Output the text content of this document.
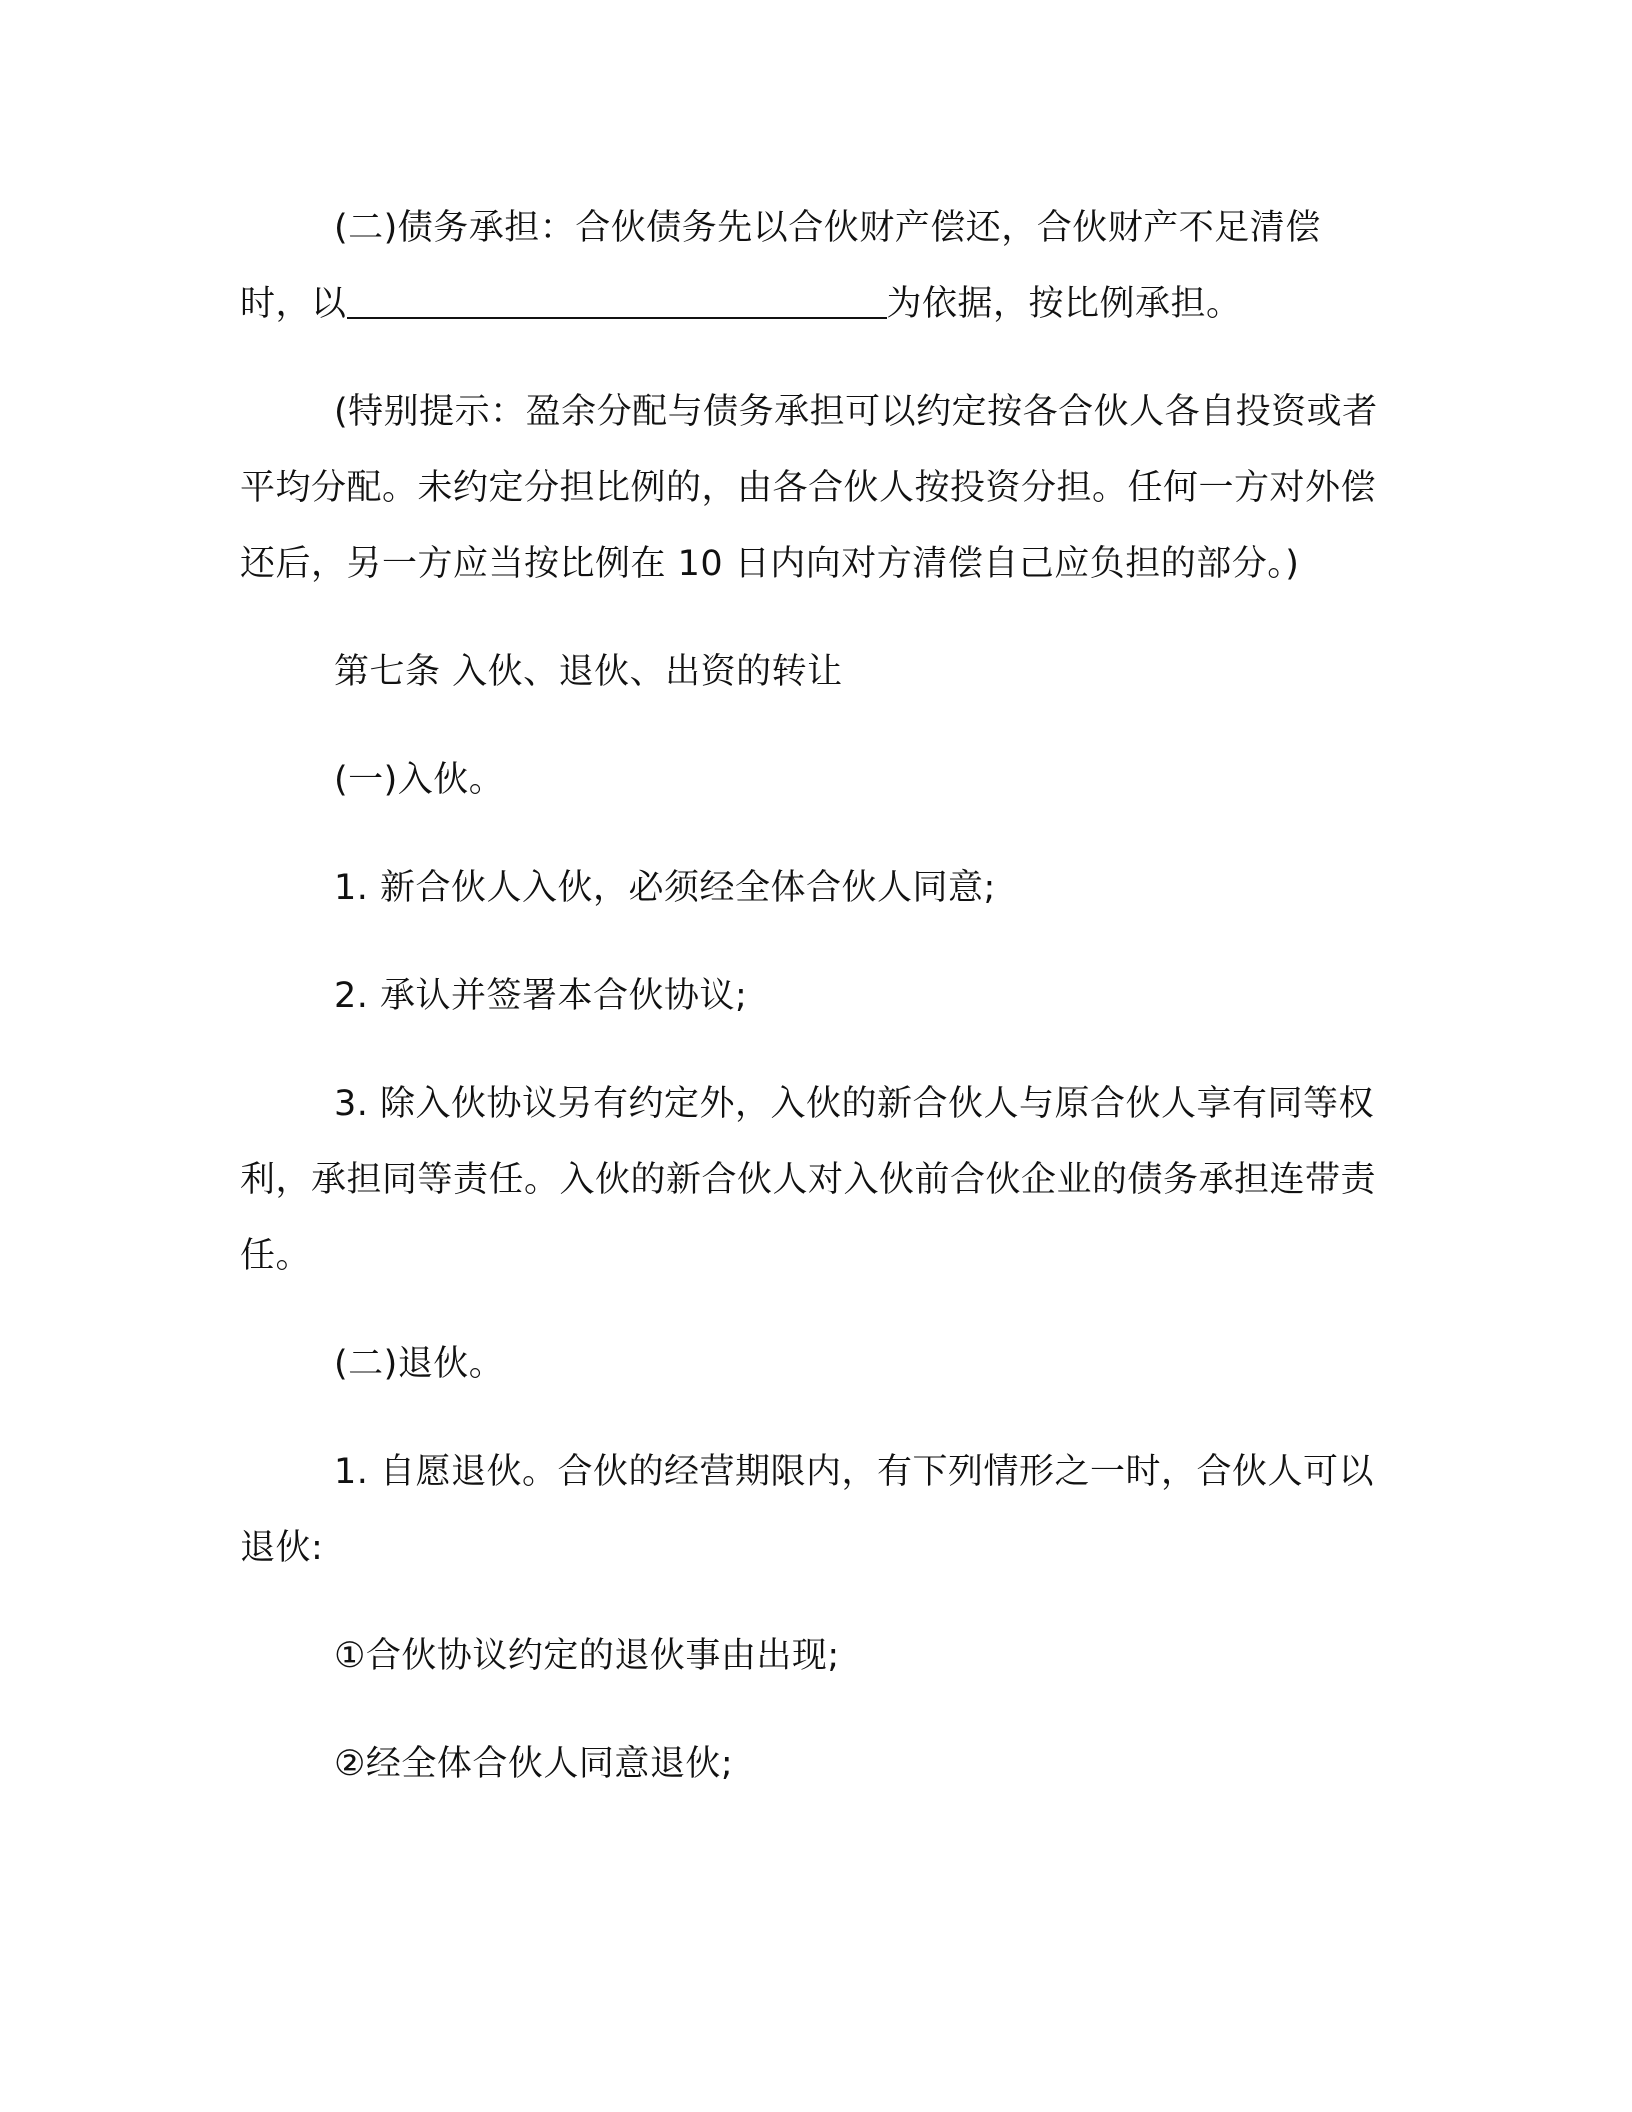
(二)债务承担：合伙债务先以合伙财产偿还，合伙财产不足清偿时，以	为依据，按比例承担。

(特别提示：盈余分配与债务承担可以约定按各合伙人各自投资或者平均分配。未约定分担比例的，由各合伙人按投资分担。任何一方对外偿还后，另一方应当按比例在 10 日内向对方清偿自己应负担的部分。)

第七条 入伙、退伙、出资的转让

(一)入伙。

1. 新合伙人入伙，必须经全体合伙人同意;

2. 承认并签署本合伙协议;

3. 除入伙协议另有约定外，入伙的新合伙人与原合伙人享有同等权利，承担同等责任。入伙的新合伙人对入伙前合伙企业的债务承担连带责任。

(二)退伙。

1. 自愿退伙。合伙的经营期限内，有下列情形之一时，合伙人可以退伙:

①合伙协议约定的退伙事由出现;

②经全体合伙人同意退伙;
